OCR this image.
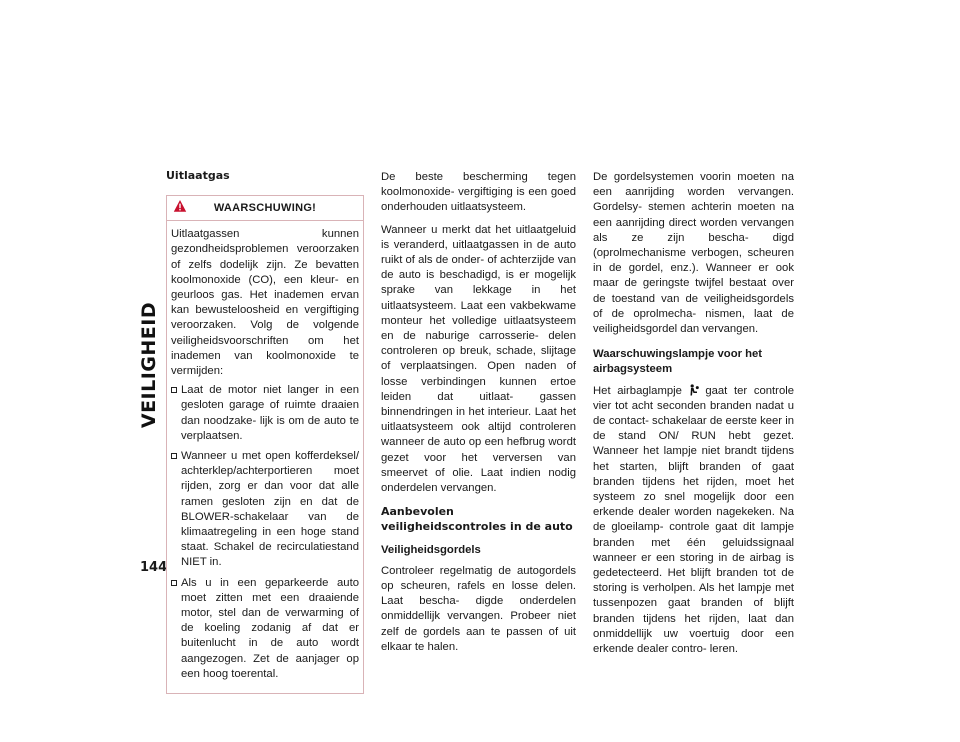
VEILIGHEID
144
Uitlaatgas
WAARSCHUWING!

Uitlaatgassen kunnen gezondheidsproblemen veroorzaken of zelfs dodelijk zijn. Ze bevatten koolmonoxide (CO), een kleur- en geurloos gas. Het inademen ervan kan bewusteloosheid en vergiftiging veroorzaken. Volg de volgende veiligheidsvoorschriften om het inademen van koolmonoxide te vermijden:

Laat de motor niet langer in een gesloten garage of ruimte draaien dan noodzake- lijk is om de auto te verplaatsen.
Wanneer u met open kofferdeksel/ achterklep/achterportieren moet rijden, zorg er dan voor dat alle ramen gesloten zijn en dat de BLOWER-schakelaar van de klimaatregeling in een hoge stand staat. Schakel de recirculatiestand NIET in.
Als u in een geparkeerde auto moet zitten met een draaiende motor, stel dan de verwarming of de koeling zodanig af dat er buitenlucht in de auto wordt aangezogen. Zet de aanjager op een hoog toerental.

De beste bescherming tegen koolmonoxide- vergiftiging is een goed onderhouden uitlaatsysteem.

Wanneer u merkt dat het uitlaatgeluid is veranderd, uitlaatgassen in de auto ruikt of als de onder- of achterzijde van de auto is beschadigd, is er mogelijk sprake van lekkage in het uitlaatsysteem. Laat een vakbekwame monteur het volledige uitlaatsysteem en de naburige carrosserie- delen controleren op breuk, schade, slijtage of verplaatsingen. Open naden of losse verbindingen kunnen ertoe leiden dat uitlaat- gassen binnendringen in het interieur. Laat het uitlaatsysteem ook altijd controleren wanneer de auto op een hefbrug wordt gezet voor het verversen van smeervet of olie. Laat indien nodig onderdelen vervangen.

Aanbevolen veiligheidscontroles in de auto
Veiligheidsgordels

Controleer regelmatig de autogordels op scheuren, rafels en losse delen. Laat bescha- digde onderdelen onmiddellijk vervangen. Probeer niet zelf de gordels aan te passen of uit elkaar te halen.

De gordelsystemen voorin moeten na een aanrijding worden vervangen. Gordelsy- stemen achterin moeten na een aanrijding direct worden vervangen als ze zijn bescha- digd (oprolmechanisme verbogen, scheuren in de gordel, enz.). Wanneer er ook maar de geringste twijfel bestaat over de toestand van de veiligheidsgordels of de oprolmecha- nismen, laat de veiligheidsgordel dan vervangen.

Waarschuwingslampje voor het airbagsysteem

Het airbaglampje gaat ter controle vier tot acht seconden branden nadat u de contact- schakelaar de eerste keer in de stand ON/ RUN hebt gezet. Wanneer het lampje niet brandt tijdens het starten, blijft branden of gaat branden tijdens het rijden, moet het systeem zo snel mogelijk door een erkende dealer worden nagekeken. Na de gloeilamp- controle gaat dit lampje branden met één geluidssignaal wanneer er een storing in de airbag is gedetecteerd. Het blijft branden tot de storing is verholpen. Als het lampje met tussenpozen gaat branden of blijft branden tijdens het rijden, laat dan onmiddellijk uw voertuig door een erkende dealer contro- leren.
